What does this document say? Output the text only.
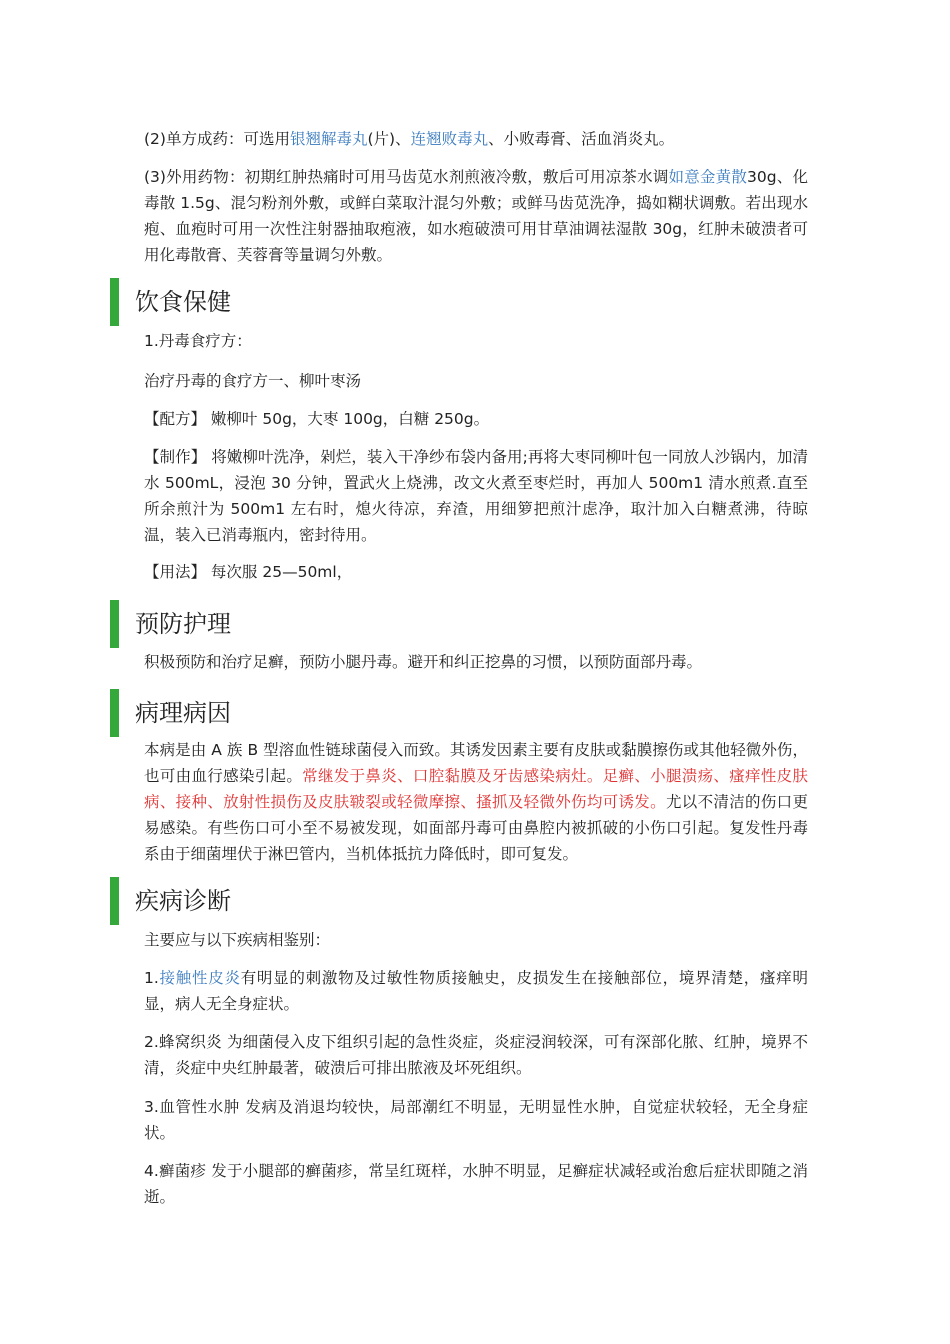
(2)单方成药：可选用银翘解毒丸(片)、连翘败毒丸、小败毒膏、活血消炎丸。

(3)外用药物：初期红肿热痛时可用马齿苋水剂煎液冷敷，敷后可用凉茶水调如意金黄散30g、化毒散 1.5g、混匀粉剂外敷，或鲜白菜取汁混匀外敷；或鲜马齿苋洗净，捣如糊状调敷。若出现水疱、血疱时可用一次性注射器抽取疱液，如水疱破溃可用甘草油调祛湿散 30g，红肿未破溃者可用化毒散膏、芙蓉膏等量调匀外敷。

饮食保健

1.丹毒食疗方：

治疗丹毒的食疗方一、柳叶枣汤

【配方】 嫩柳叶 50g，大枣 100g，白糖 250g。

【制作】 将嫩柳叶洗净，剁烂，装入干净纱布袋内备用;再将大枣同柳叶包一同放人沙锅内，加清水 500mL，浸泡 30 分钟，置武火上烧沸，改文火煮至枣烂时，再加人 500m1 清水煎煮.直至所余煎汁为 500m1 左右时，熄火待凉，弃渣，用细箩把煎汁虑净，取汁加入白糖煮沸，待晾温，装入已消毒瓶内，密封待用。

【用法】 每次服 25—50ml，

预防护理

积极预防和治疗足癣，预防小腿丹毒。避开和纠正挖鼻的习惯，以预防面部丹毒。

病理病因

本病是由 A 族 B 型溶血性链球菌侵入而致。其诱发因素主要有皮肤或黏膜擦伤或其他轻微外伤，也可由血行感染引起。常继发于鼻炎、口腔黏膜及牙齿感染病灶。足癣、小腿溃疡、瘙痒性皮肤病、接种、放射性损伤及皮肤皲裂或轻微摩擦、搔抓及轻微外伤均可诱发。尤以不清洁的伤口更易感染。有些伤口可小至不易被发现，如面部丹毒可由鼻腔内被抓破的小伤口引起。复发性丹毒系由于细菌埋伏于淋巴管内，当机体抵抗力降低时，即可复发。

疾病诊断

主要应与以下疾病相鉴别：

1.接触性皮炎有明显的刺激物及过敏性物质接触史，皮损发生在接触部位，境界清楚，瘙痒明显，病人无全身症状。

2.蜂窝织炎 为细菌侵入皮下组织引起的急性炎症，炎症浸润较深，可有深部化脓、红肿，境界不清，炎症中央红肿最著，破溃后可排出脓液及坏死组织。

3.血管性水肿 发病及消退均较快，局部潮红不明显，无明显性水肿，自觉症状较轻，无全身症状。

4.癣菌疹 发于小腿部的癣菌疹，常呈红斑样，水肿不明显，足癣症状减轻或治愈后症状即随之消逝。
